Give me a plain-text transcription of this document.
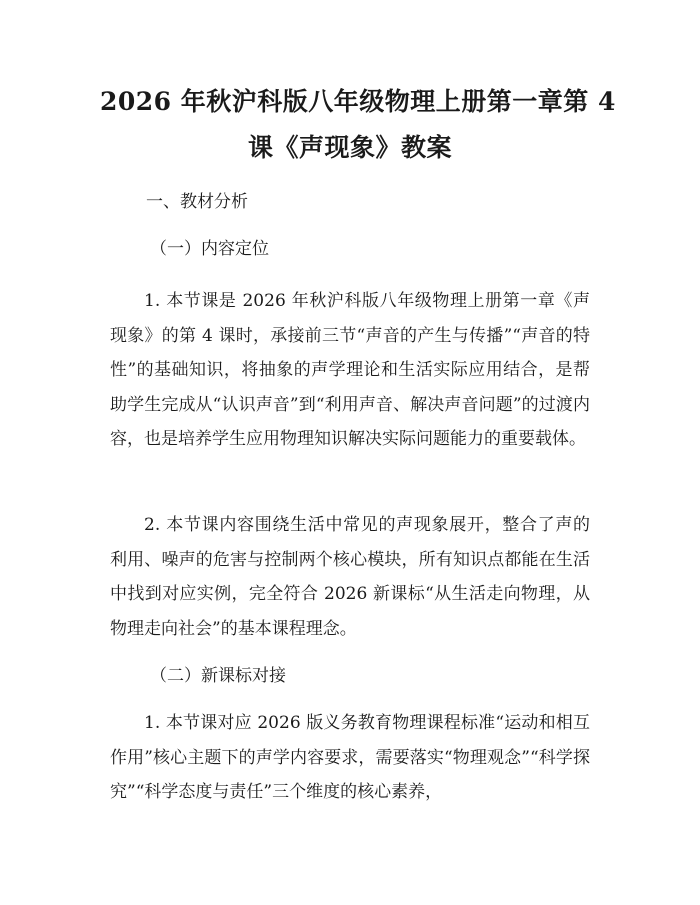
2026 年秋沪科版八年级物理上册第一章第 4
课《声现象》教案
一、教材分析
（一）内容定位

1. 本节课是 2026 年秋沪科版八年级物理上册第一章《声现象》的第 4 课时，承接前三节“声音的产生与传播”“声音的特性”的基础知识，将抽象的声学理论和生活实际应用结合，是帮助学生完成从“认识声音”到“利用声音、解决声音问题”的过渡内容，也是培养学生应用物理知识解决实际问题能力的重要载体。

2. 本节课内容围绕生活中常见的声现象展开，整合了声的利用、噪声的危害与控制两个核心模块，所有知识点都能在生活中找到对应实例，完全符合 2026 新课标“从生活走向物理，从物理走向社会”的基本课程理念。

（二）新课标对接

1. 本节课对应 2026 版义务教育物理课程标准“运动和相互作用”核心主题下的声学内容要求，需要落实“物理观念”“科学探究”“科学态度与责任”三个维度的核心素养，
